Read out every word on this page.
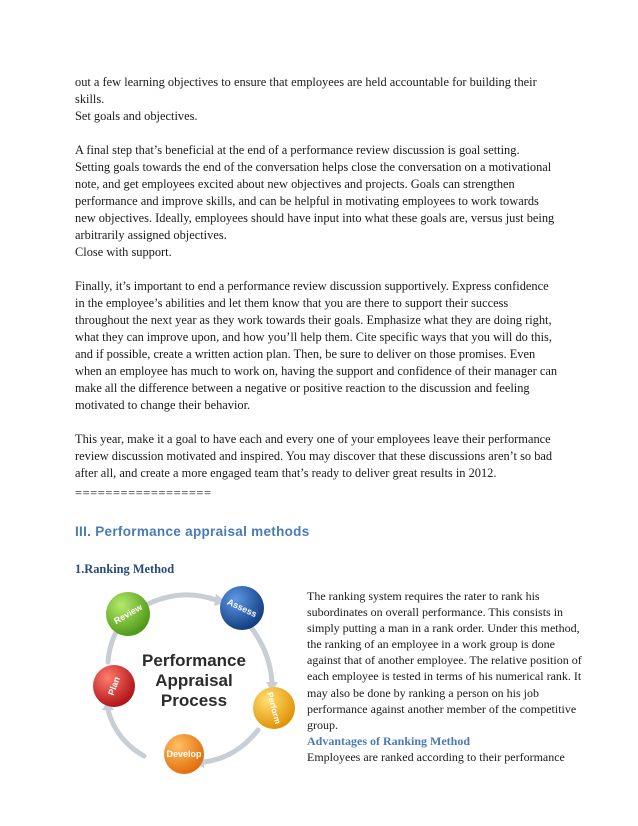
out a few learning objectives to ensure that employees are held accountable for building their
skills.
Set goals and objectives.
A final step that’s beneficial at the end of a performance review discussion is goal setting.
Setting goals towards the end of the conversation helps close the conversation on a motivational
note, and get employees excited about new objectives and projects. Goals can strengthen
performance and improve skills, and can be helpful in motivating employees to work towards
new objectives. Ideally, employees should have input into what these goals are, versus just being
arbitrarily assigned objectives.
Close with support.
Finally, it’s important to end a performance review discussion supportively. Express confidence
in the employee’s abilities and let them know that you are there to support their success
throughout the next year as they work towards their goals. Emphasize what they are doing right,
what they can improve upon, and how you’ll help them. Cite specific ways that you will do this,
and if possible, create a written action plan. Then, be sure to deliver on those promises. Even
when an employee has much to work on, having the support and confidence of their manager can
make all the difference between a negative or positive reaction to the discussion and feeling
motivated to change their behavior.
This year, make it a goal to have each and every one of your employees leave their performance
review discussion motivated and inspired. You may discover that these discussions aren’t so bad
after all, and create a more engaged team that’s ready to deliver great results in 2012.
==================
III. Performance appraisal methods
1.Ranking Method
Review	Assess
Perform
Develop
Plan
Performance
Appraisal
Process
The ranking system requires the rater to rank his
subordinates on overall performance. This consists in
simply putting a man in a rank order. Under this method,
the ranking of an employee in a work group is done
against that of another employee. The relative position of
each employee is tested in terms of his numerical rank. It
may also be done by ranking a person on his job
performance against another member of the competitive
group.
Advantages of Ranking Method
Employees are ranked according to their performance
